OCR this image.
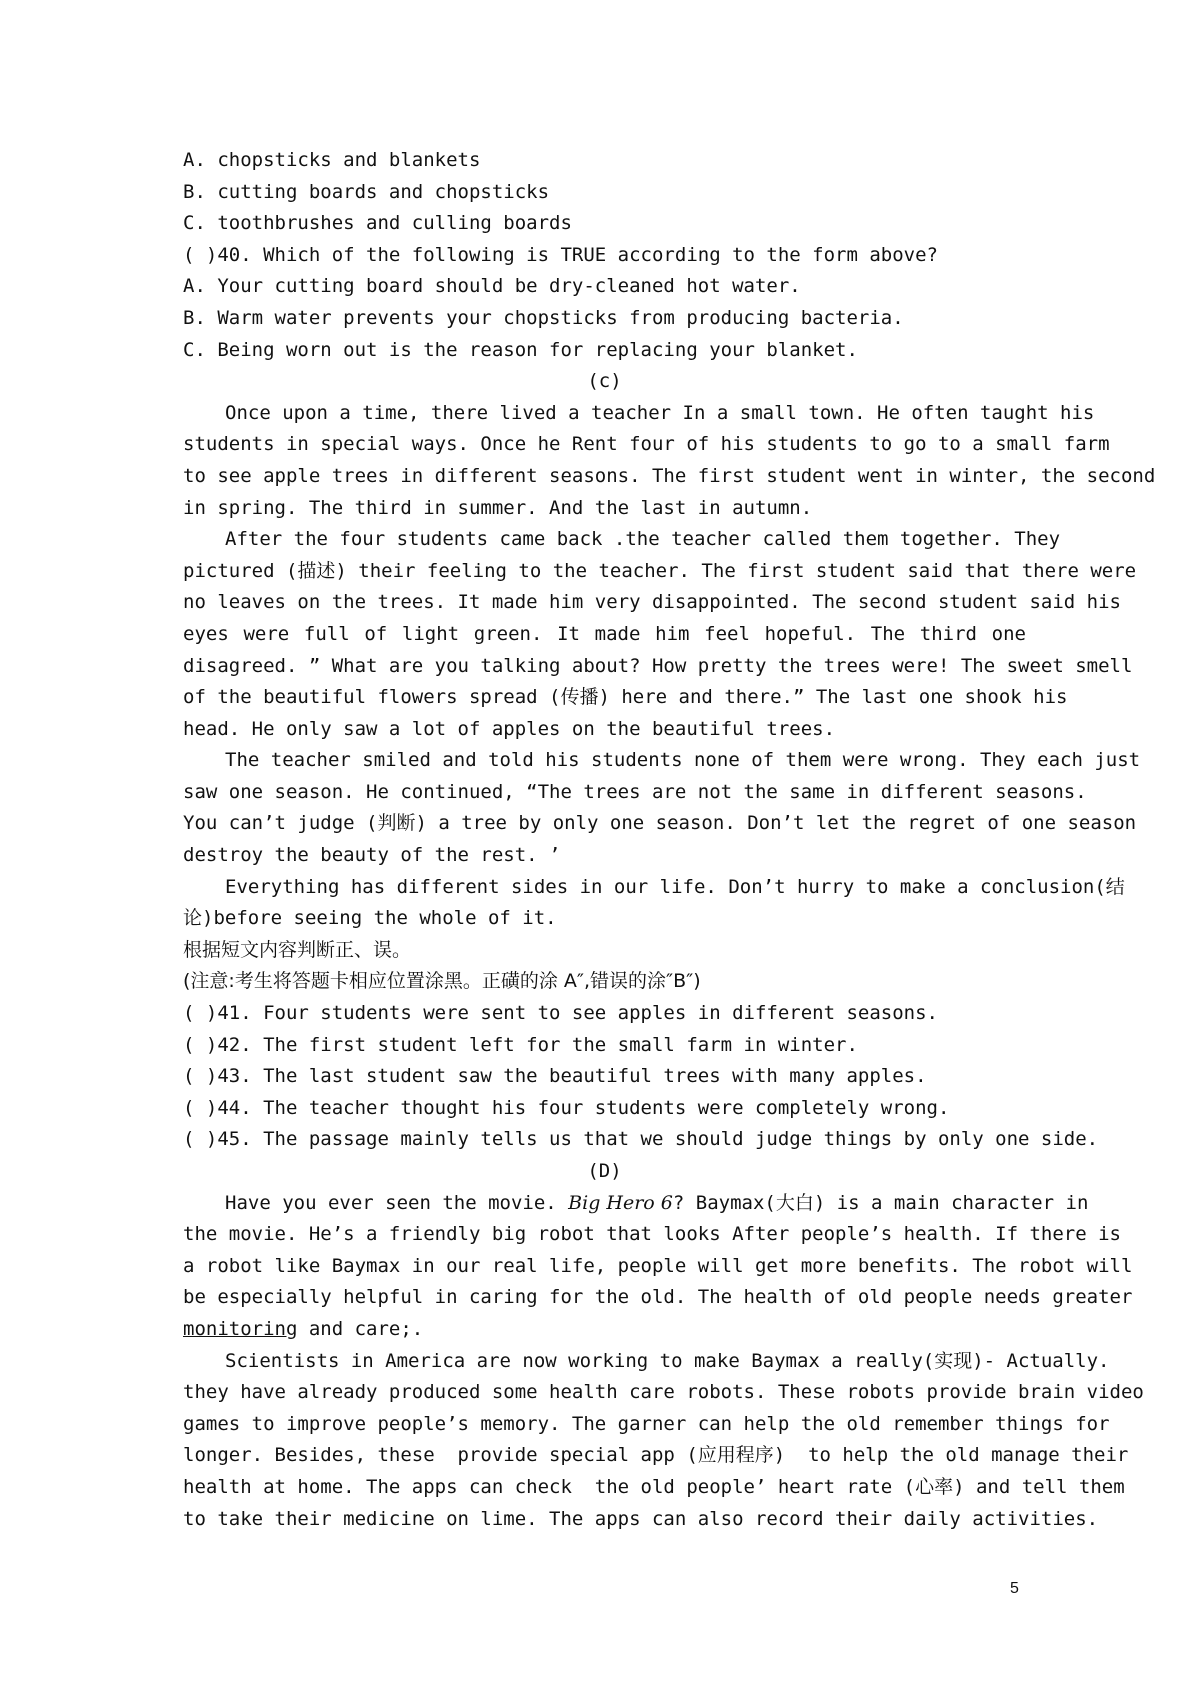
A. chopsticks and blankets
B. cutting boards and chopsticks
C. toothbrushes and culling boards
( )40. Which of the following is TRUE according to the form above?
A. Your cutting board should be dry-cleaned hot water.
B. Warm water prevents your chopsticks from producing bacteria.
C. Being worn out is the reason for replacing your blanket.
(c)
Once upon a time, there lived a teacher In a small town. He often taught his
students in special ways. Once he Rent four of his students to go to a small farm
to see apple trees in different seasons. The first student went in winter, the second
in spring. The third in summer. And the last in autumn.
After the four students came back .the teacher called them together. They
pictured (描述) their feeling to the teacher. The first student said that there were
no leaves on the trees. It made him very disappointed. The second student said his
eyes were full of light green. It made him feel hopeful. The third one
disagreed. ” What are you talking about? How pretty the trees were! The sweet smell
of the beautiful flowers spread (传播) here and there.” The last one shook his
head. He only saw a lot of apples on the beautiful trees.
The teacher smiled and told his students none of them were wrong. They each just
saw one season. He continued, “The trees are not the same in different seasons.
You can’t judge (判断) a tree by only one season. Don’t let the regret of one season
destroy the beauty of the rest. ’
Everything has different sides in our life. Don’t hurry to make a conclusion(结
论)before seeing the whole of it.
根据短文内容判断正、误。
(注意:考生将答题卡相应位置涂黑。正磺的涂 A″,错误的涂″B″)
( )41. Four students were sent to see apples in different seasons.
( )42. The first student left for the small farm in winter.
( )43. The last student saw the beautiful trees with many apples.
( )44. The teacher thought his four students were completely wrong.
( )45. The passage mainly tells us that we should judge things by only one side.
(D)
Have you ever seen the movie. Big Hero 6? Baymax(大白) is a main character in
the movie. He’s a friendly big robot that looks After people’s health. If there is
a robot like Baymax in our real life, people will get more benefits. The robot will
be especially helpful in caring for the old. The health of old people needs greater
monitoring and care;.
Scientists in America are now working to make Baymax a really(实现)- Actually.
they have already produced some health care robots. These robots provide brain video
games to improve people’s memory. The garner can help the old remember things for
longer. Besides, these  provide special app (应用程序)  to help the old manage their
health at home. The apps can check  the old people’ heart rate (心率) and tell them
to take their medicine on lime. The apps can also record their daily activities.
5
